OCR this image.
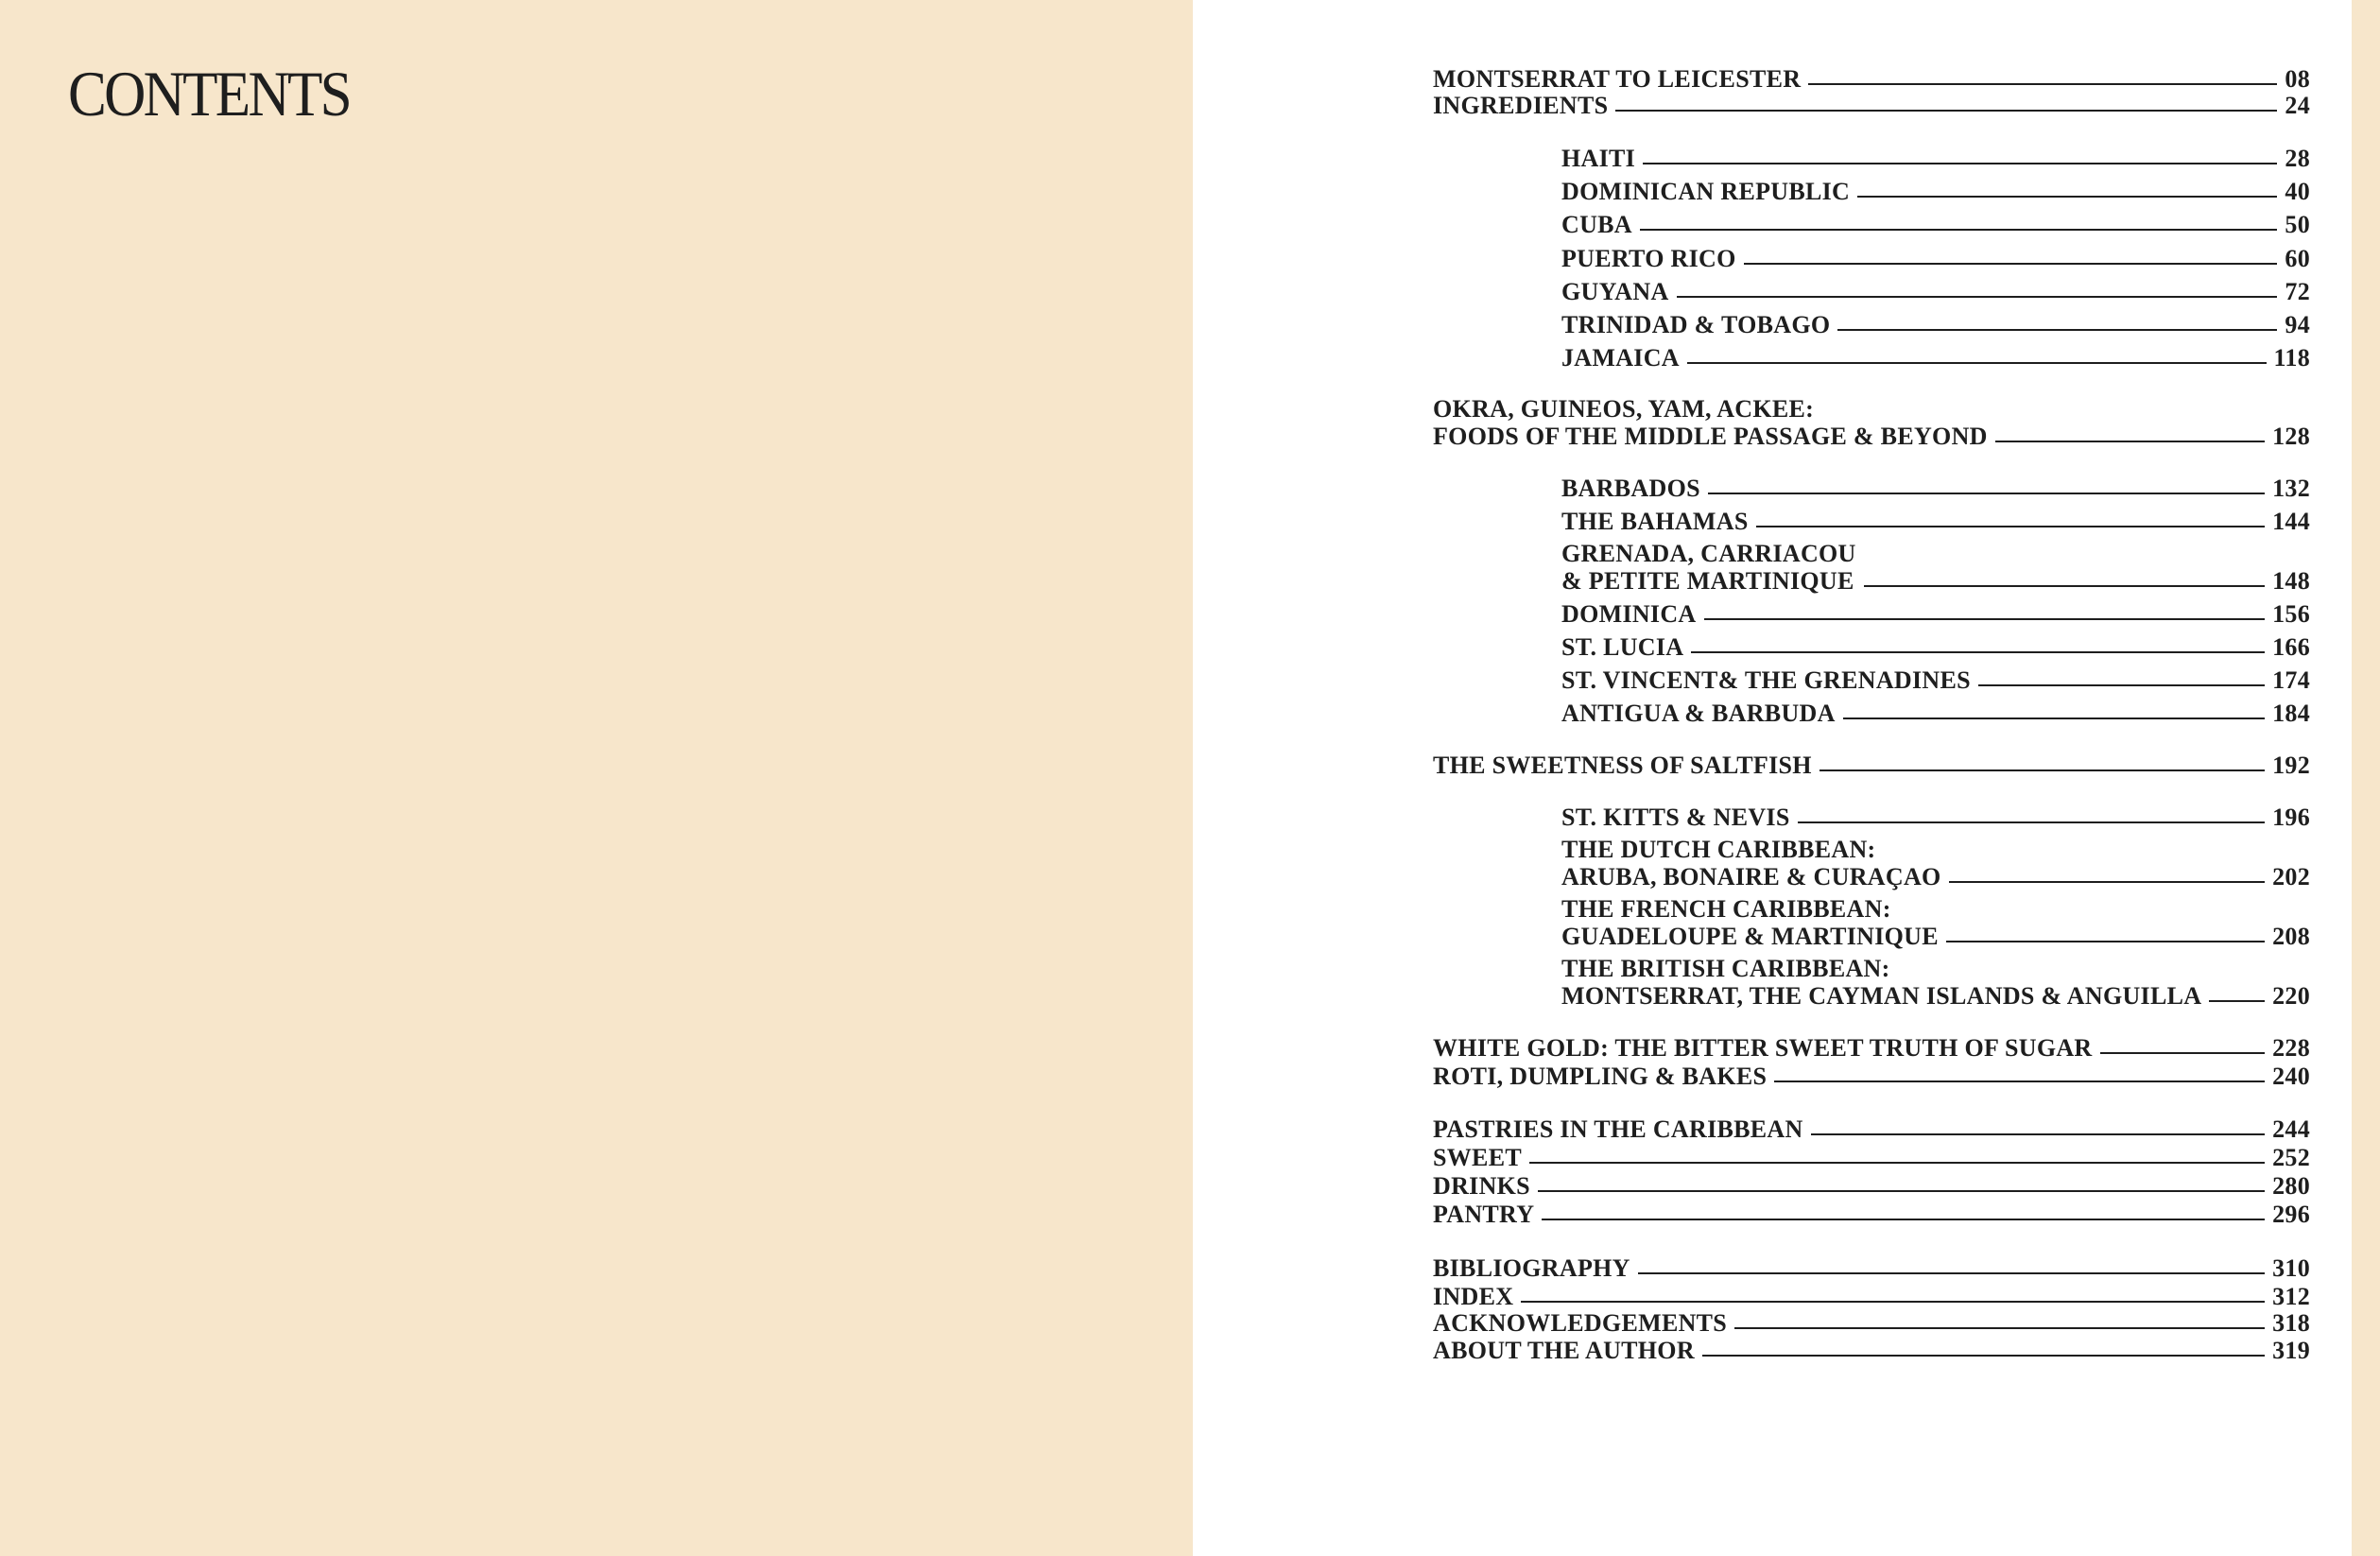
CONTENTS	MONTSERRAT TO LEICESTER	08
INGREDIENTS	24
HAITI	28
DOMINICAN REPUBLIC	40
CUBA	50
PUERTO RICO	60
GUYANA	72
TRINIDAD & TOBAGO	94
JAMAICA	118
OKRA, GUINEOS, YAM, ACKEE:
FOODS OF THE MIDDLE PASSAGE & BEYOND	128
BARBADOS	132
THE BAHAMAS	144
GRENADA, CARRIACOU
& PETITE MARTINIQUE	148
DOMINICA	156
ST. LUCIA	166
ST. VINCENT& THE GRENADINES	174
ANTIGUA & BARBUDA	184
THE SWEETNESS OF SALTFISH	192
ST. KITTS & NEVIS	196
THE DUTCH CARIBBEAN:
ARUBA, BONAIRE & CURAÇAO	202
THE FRENCH CARIBBEAN:
GUADELOUPE & MARTINIQUE	208
THE BRITISH CARIBBEAN:
MONTSERRAT, THE CAYMAN ISLANDS & ANGUILLA	220
WHITE GOLD: THE BITTER SWEET TRUTH OF SUGAR	228
ROTI, DUMPLING & BAKES	240
PASTRIES IN THE CARIBBEAN	244
SWEET	252
DRINKS	280
PANTRY	296
BIBLIOGRAPHY	310
INDEX	312
ACKNOWLEDGEMENTS	318
ABOUT THE AUTHOR	319
